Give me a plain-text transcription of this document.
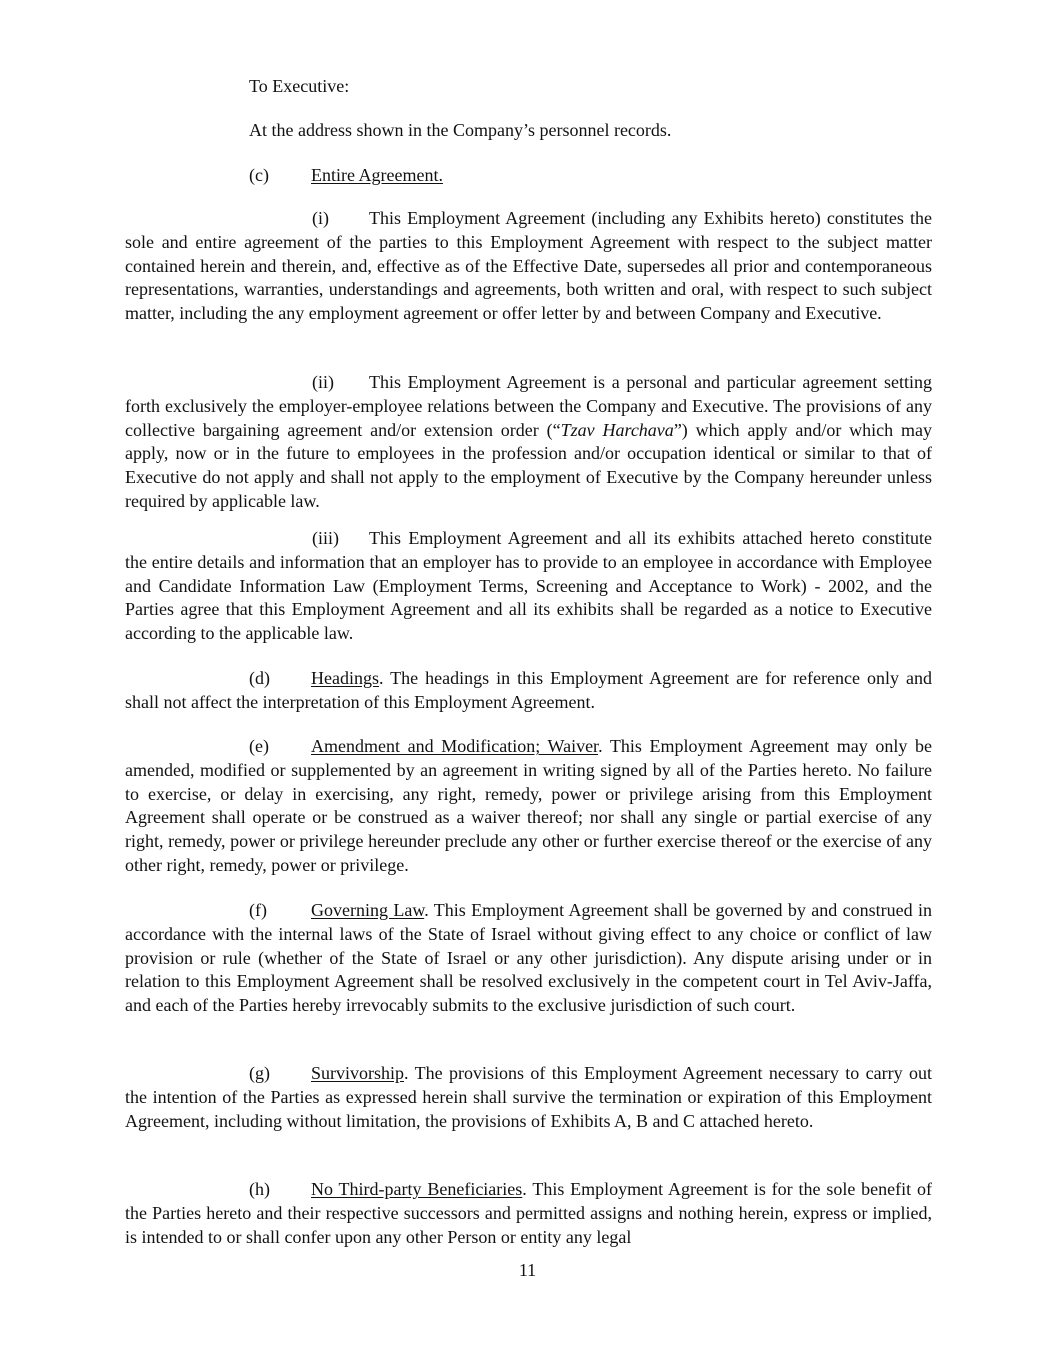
To Executive:
At the address shown in the Company’s personnel records.
(c) Entire Agreement.
(i) This Employment Agreement (including any Exhibits hereto) constitutes the sole and entire agreement of the parties to this Employment Agreement with respect to the subject matter contained herein and therein, and, effective as of the Effective Date, supersedes all prior and contemporaneous representations, warranties, understandings and agreements, both written and oral, with respect to such subject matter, including the any employment agreement or offer letter by and between Company and Executive.
(ii) This Employment Agreement is a personal and particular agreement setting forth exclusively the employer-employee relations between the Company and Executive. The provisions of any collective bargaining agreement and/or extension order (“Tzav Harchava”) which apply and/or which may apply, now or in the future to employees in the profession and/or occupation identical or similar to that of Executive do not apply and shall not apply to the employment of Executive by the Company hereunder unless required by applicable law.
(iii) This Employment Agreement and all its exhibits attached hereto constitute the entire details and information that an employer has to provide to an employee in accordance with Employee and Candidate Information Law (Employment Terms, Screening and Acceptance to Work) - 2002, and the Parties agree that this Employment Agreement and all its exhibits shall be regarded as a notice to Executive according to the applicable law.
(d) Headings. The headings in this Employment Agreement are for reference only and shall not affect the interpretation of this Employment Agreement.
(e) Amendment and Modification; Waiver. This Employment Agreement may only be amended, modified or supplemented by an agreement in writing signed by all of the Parties hereto. No failure to exercise, or delay in exercising, any right, remedy, power or privilege arising from this Employment Agreement shall operate or be construed as a waiver thereof; nor shall any single or partial exercise of any right, remedy, power or privilege hereunder preclude any other or further exercise thereof or the exercise of any other right, remedy, power or privilege.
(f) Governing Law. This Employment Agreement shall be governed by and construed in accordance with the internal laws of the State of Israel without giving effect to any choice or conflict of law provision or rule (whether of the State of Israel or any other jurisdiction). Any dispute arising under or in relation to this Employment Agreement shall be resolved exclusively in the competent court in Tel Aviv-Jaffa, and each of the Parties hereby irrevocably submits to the exclusive jurisdiction of such court.
(g) Survivorship. The provisions of this Employment Agreement necessary to carry out the intention of the Parties as expressed herein shall survive the termination or expiration of this Employment Agreement, including without limitation, the provisions of Exhibits A, B and C attached hereto.
(h) No Third-party Beneficiaries. This Employment Agreement is for the sole benefit of the Parties hereto and their respective successors and permitted assigns and nothing herein, express or implied, is intended to or shall confer upon any other Person or entity any legal
11
